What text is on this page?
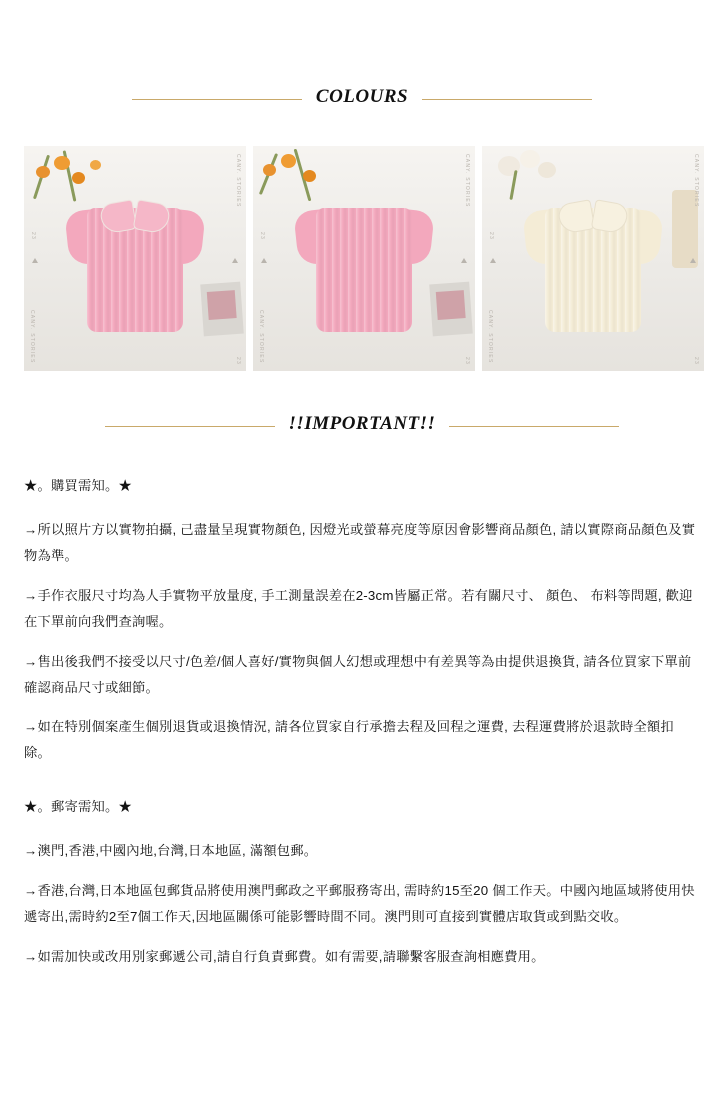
COLOURS
CANY. STORIES
CANY. STORIES
23
23
CANY. STORIES
CANY. STORIES
23
23
CANY. STORIES
CANY. STORIES
23
23
!!IMPORTANT!!

★。購買需知。★

→所以照片方以實物拍攝, 己盡量呈現實物顏色, 因燈光或螢幕亮度等原因會影響商品顏色, 請以實際商品顏色及實物為準。

→手作衣服尺寸均為人手實物平放量度, 手工測量誤差在2-3cm皆屬正常。若有關尺寸、 顏色、 布料等問題, 歡迎在下單前向我們查詢喔。

→售出後我們不接受以尺寸/色差/個人喜好/實物與個人幻想或理想中有差異等為由提供退換貨, 請各位買家下單前確認商品尺寸或細節。

→如在特別個案產生個別退貨或退換情況, 請各位買家自行承擔去程及回程之運費, 去程運費將於退款時全額扣除。

★。郵寄需知。★

→澳門,香港,中國內地,台灣,日本地區, 滿額包郵。

→香港,台灣,日本地區包郵貨品將使用澳門郵政之平郵服務寄出, 需時約15至20 個工作天。中國內地區域將使用快遞寄出,需時約2至7個工作天,因地區關係可能影響時間不同。澳門則可直接到實體店取貨或到點交收。

→如需加快或改用別家郵遞公司,請自行負責郵費。如有需要,請聯繫客服查詢相應費用。
